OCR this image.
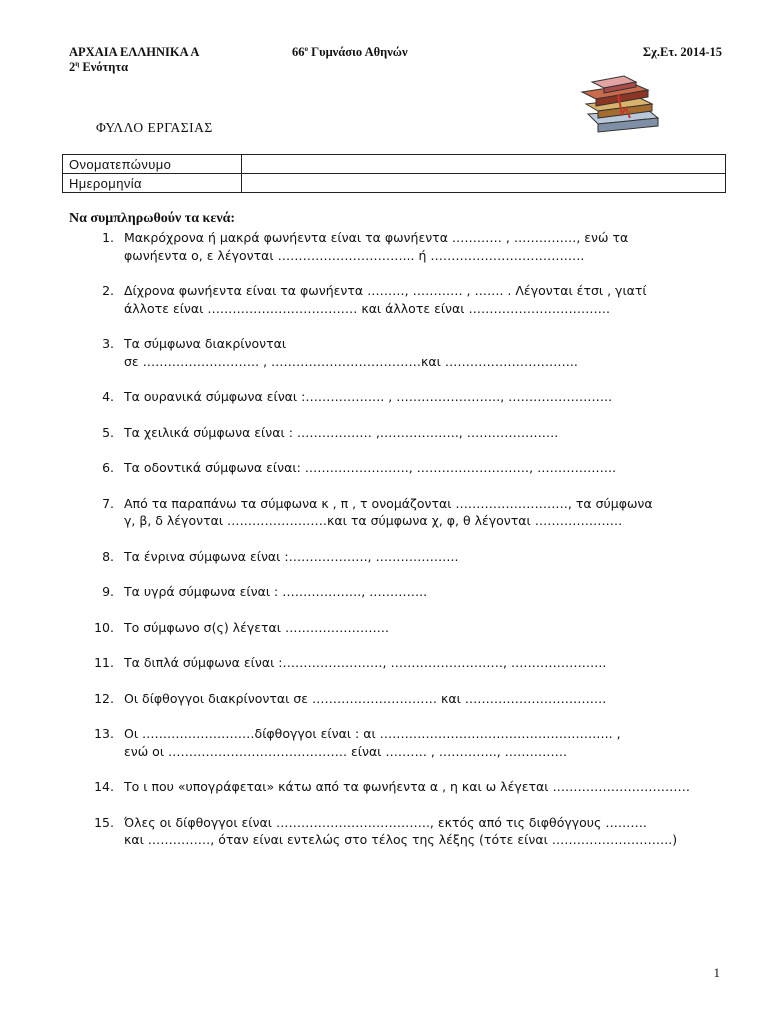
ΑΡΧΑΙΑ ΕΛΛΗΝΙΚΑ Α	$66^o$ Γυμνάσιο Αθηνών	Σχ.Ετ. 2014-15
$2^\eta$ Ενότητα
ΦΥΛΛΟ ΕΡΓΑΣΙΑΣ
Ονοματεπώνυμο	
Ημερομηνία	
Να συμπληρωθούν τα κενά:
1. Μακρόχρονα ή μακρά φωνήεντα είναι τα φωνήεντα ………… , ……………, ενώ τα
φωνήεντα ο, ε λέγονται …………………………... ή ……………………………….
2. Δίχρονα φωνήεντα είναι τα φωνήεντα ………, ………… , ……. . Λέγονται έτσι , γιατί
άλλοτε είναι ……………………………… και άλλοτε είναι …………………………….
3. Τα σύμφωνα διακρίνονται
σε ………………………. , ………………………………και …………………………..
4. Τα ουρανικά σύμφωνα είναι :………………. , ……………………., …………………….
5. Τα χειλικά σύμφωνα είναι : ……………… ,………………., ………………….
6. Τα οδοντικά σύμφωνα είναι: ……………………., ………………………, ……………….
7. Από τα παραπάνω τα σύμφωνα κ , π , τ ονομάζονται ………………………, τα σύμφωνα
γ, β, δ λέγονται ……………………και τα σύμφωνα χ, φ, θ λέγονται …………………
8. Τα ένρινα σύμφωνα είναι :………………., ………………..
9. Τα υγρά σύμφωνα είναι : ………………., …………..
10. Το σύμφωνο σ(ς) λέγεται …………………….
11. Τα διπλά σύμφωνα είναι :……………………, ………………………, …………………..
12. Οι δίφθογγοι διακρίνονται σε ………………………… και …………………………….
13. Οι ………………………δίφθογγοι είναι : αι ……………………………………………….. ,
ενώ οι ……………………………………. είναι ………. , ………….., ……………
14. Το ι που «υπογράφεται» κάτω από τα φωνήεντα α , η και ω λέγεται ……………………………
15. Όλες οι δίφθογγοι είναι ………………………………., εκτός από τις διφθόγγους ……….
και ……………, όταν είναι εντελώς στο τέλος της λέξης (τότε είναι ………………………..)
1
